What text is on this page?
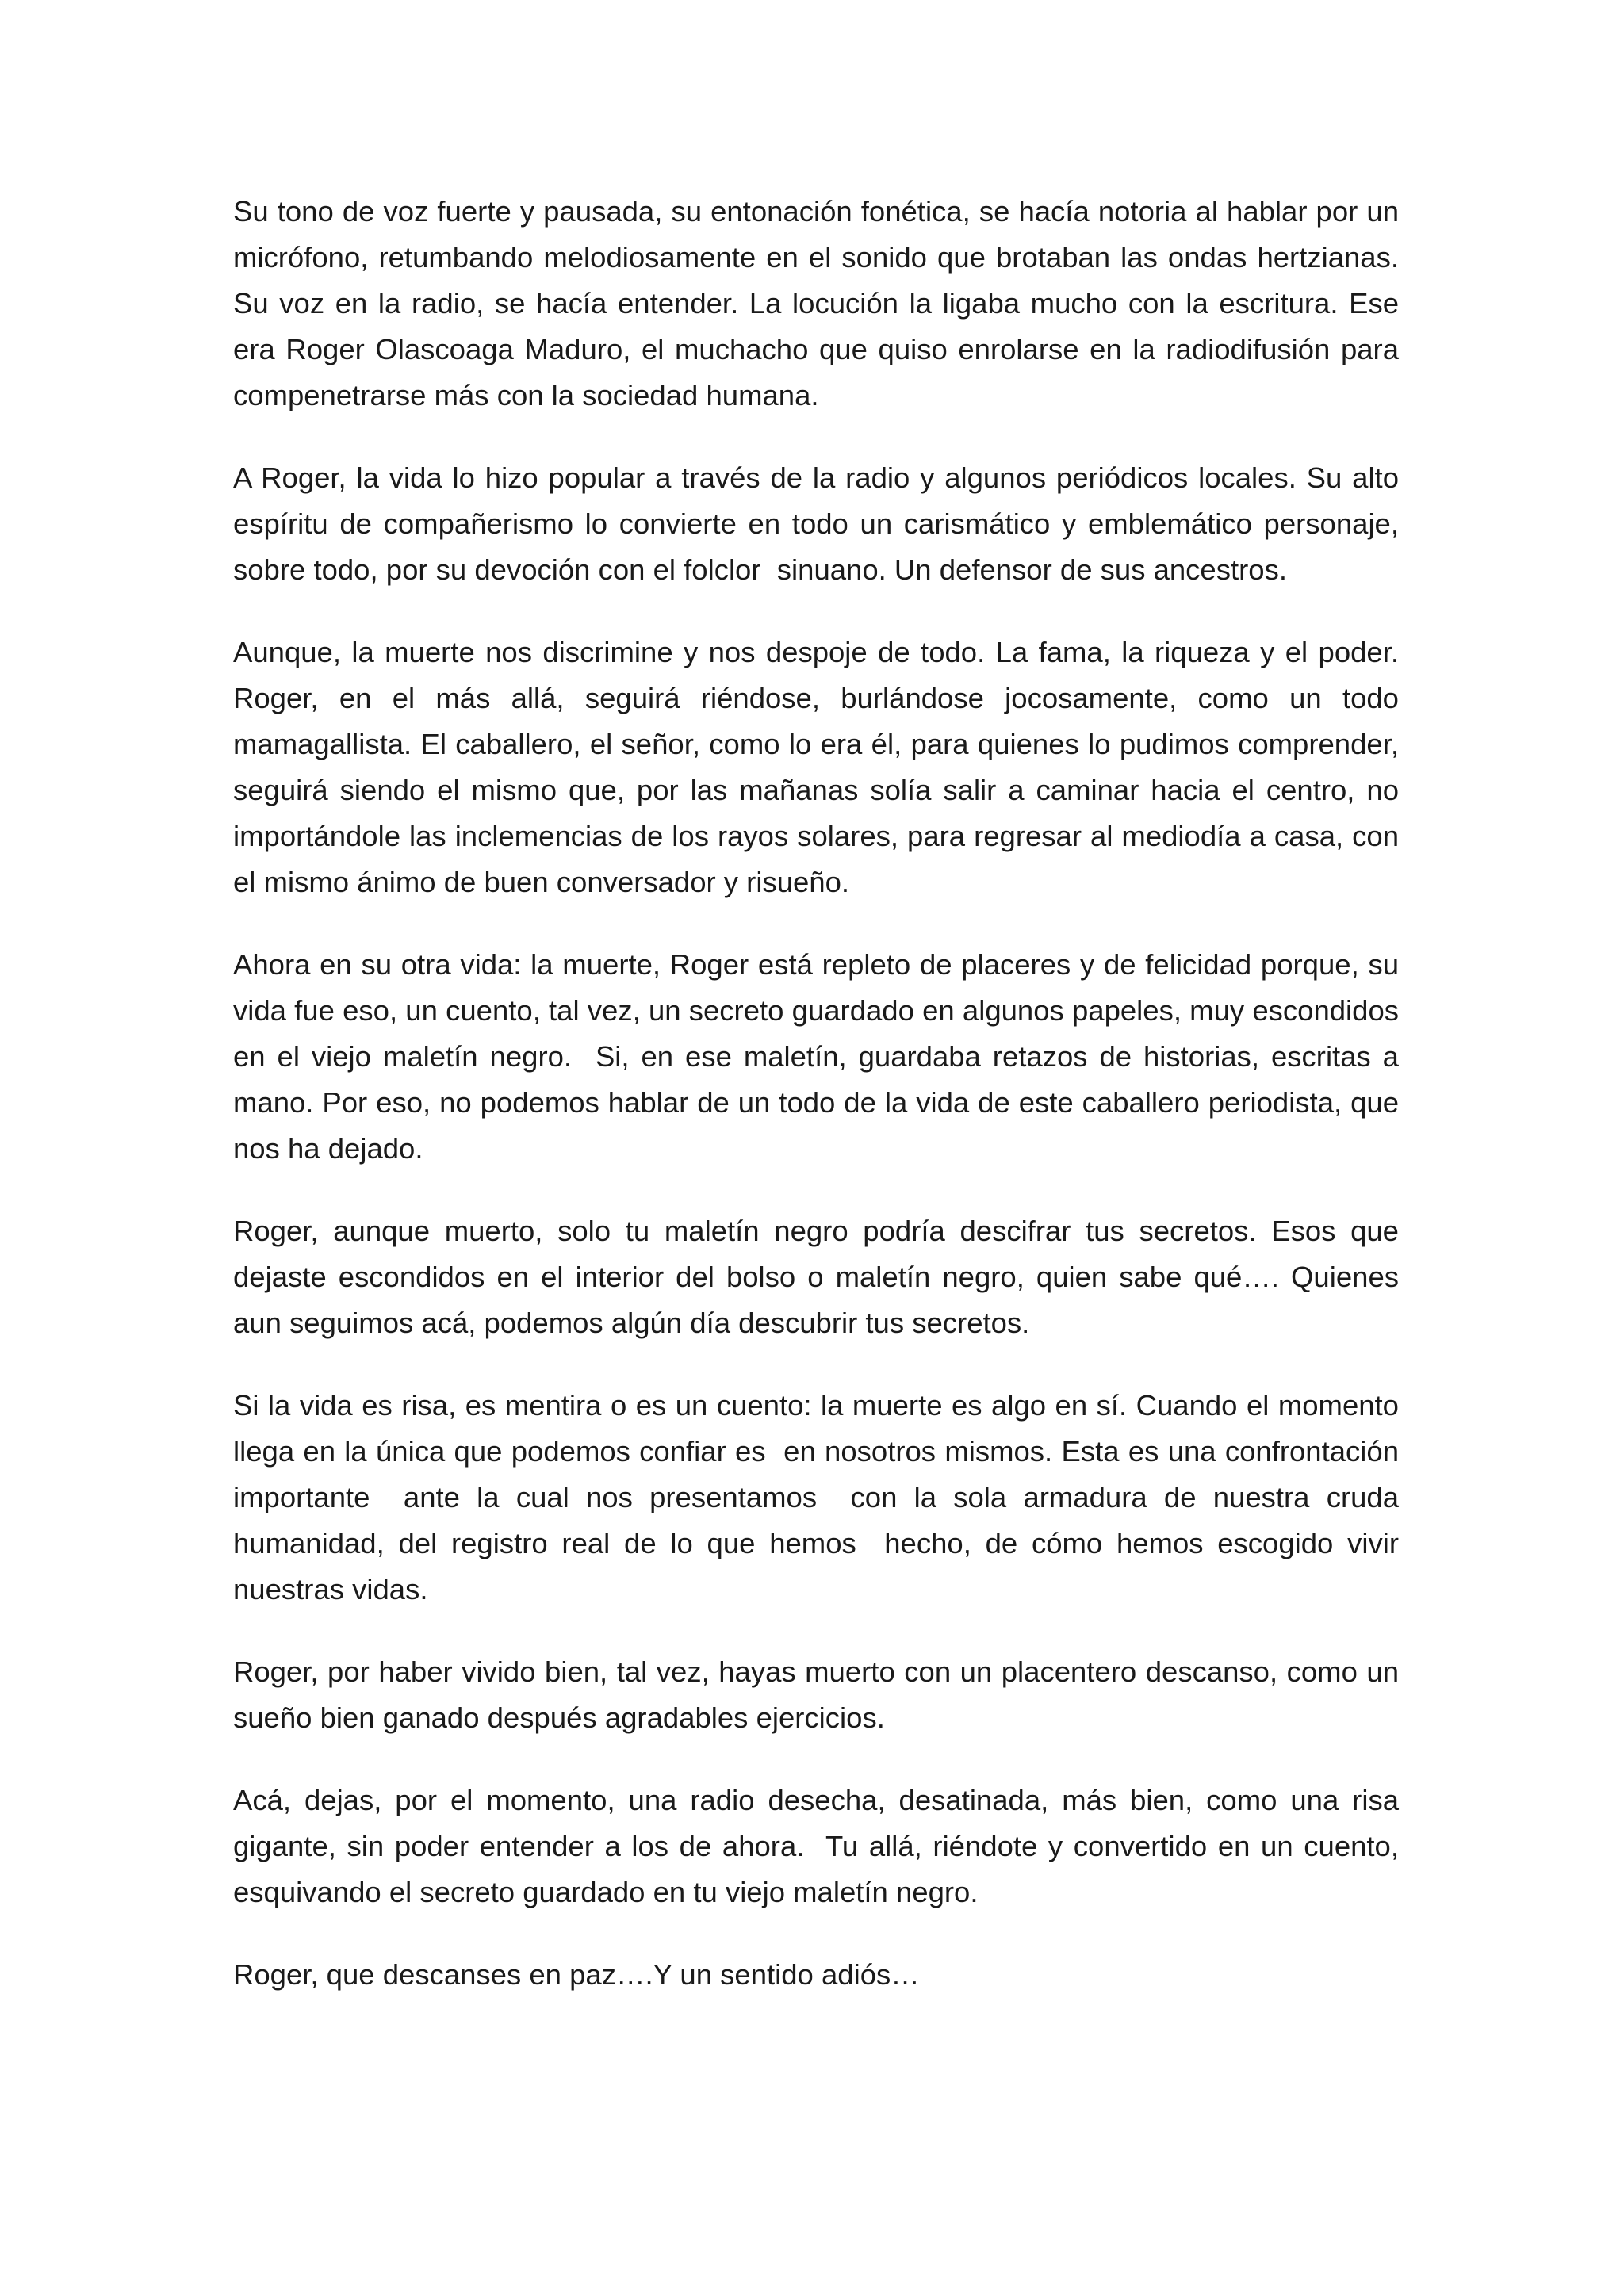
Su tono de voz fuerte y pausada, su entonación fonética, se hacía notoria al hablar por un micrófono, retumbando melodiosamente en el sonido que brotaban las ondas hertzianas. Su voz en la radio, se hacía entender. La locución la ligaba mucho con la escritura. Ese era Roger Olascoaga Maduro, el muchacho que quiso enrolarse en la radiodifusión para compenetrarse más con la sociedad humana.

A Roger, la vida lo hizo popular a través de la radio y algunos periódicos locales. Su alto espíritu de compañerismo lo convierte en todo un carismático y emblemático personaje, sobre todo, por su devoción con el folclor  sinuano. Un defensor de sus ancestros.

Aunque, la muerte nos discrimine y nos despoje de todo. La fama, la riqueza y el poder. Roger, en el más allá, seguirá riéndose, burlándose jocosamente, como un todo mamagallista. El caballero, el señor, como lo era él, para quienes lo pudimos comprender, seguirá siendo el mismo que, por las mañanas solía salir a caminar hacia el centro, no importándole las inclemencias de los rayos solares, para regresar al mediodía a casa, con el mismo ánimo de buen conversador y risueño.

Ahora en su otra vida: la muerte, Roger está repleto de placeres y de felicidad porque, su vida fue eso, un cuento, tal vez, un secreto guardado en algunos papeles, muy escondidos en el viejo maletín negro.  Si, en ese maletín, guardaba retazos de historias, escritas a mano. Por eso, no podemos hablar de un todo de la vida de este caballero periodista, que nos ha dejado.

Roger, aunque muerto, solo tu maletín negro podría descifrar tus secretos. Esos que dejaste escondidos en el interior del bolso o maletín negro, quien sabe qué…. Quienes aun seguimos acá, podemos algún día descubrir tus secretos.

Si la vida es risa, es mentira o es un cuento: la muerte es algo en sí. Cuando el momento llega en la única que podemos confiar es  en nosotros mismos. Esta es una confrontación importante  ante la cual nos presentamos  con la sola armadura de nuestra cruda humanidad, del registro real de lo que hemos  hecho, de cómo hemos escogido vivir nuestras vidas.

Roger, por haber vivido bien, tal vez, hayas muerto con un placentero descanso, como un sueño bien ganado después agradables ejercicios.

Acá, dejas, por el momento, una radio desecha, desatinada, más bien, como una risa gigante, sin poder entender a los de ahora.  Tu allá, riéndote y convertido en un cuento, esquivando el secreto guardado en tu viejo maletín negro.

Roger, que descanses en paz….Y un sentido adiós…
